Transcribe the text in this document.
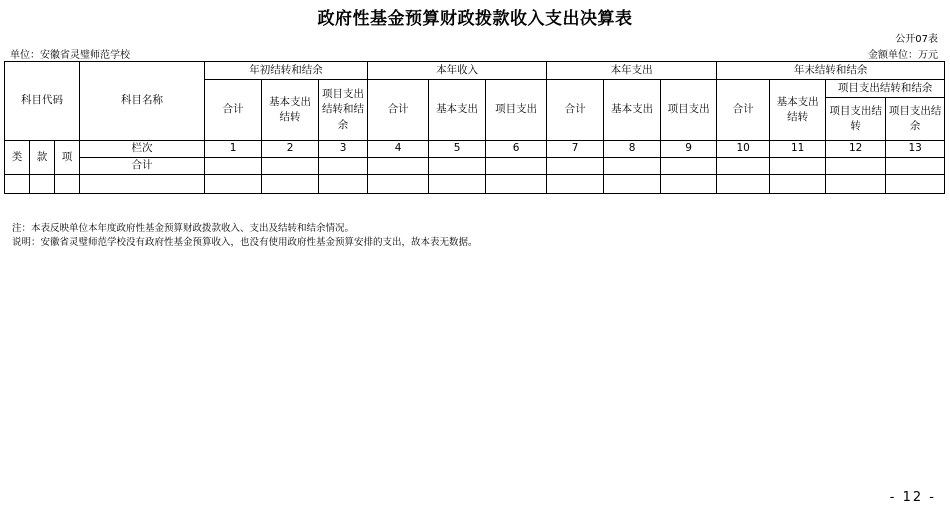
政府性基金预算财政拨款收入支出决算表
公开07表
单位：安徽省灵璧师范学校	金额单位：万元
科目代码			科目名称	年初结转和结余			本年收入			本年支出			年末结转和结余			
				合计	基本支出结转	项目支出结转和结余	合计	基本支出	项目支出	合计	基本支出	项目支出	合计	基本支出结转	项目支出结转和结余	
															项目支出结转	项目支出结余
类	款	项	栏次	1	2	3	4	5	6	7	8	9	10	11	12	13
			合计													

注：本表反映单位本年度政府性基金预算财政拨款收入、支出及结转和结余情况。
说明：安徽省灵璧师范学校没有政府性基金预算收入，也没有使用政府性基金预算安排的支出，故本表无数据。
- 12 -
